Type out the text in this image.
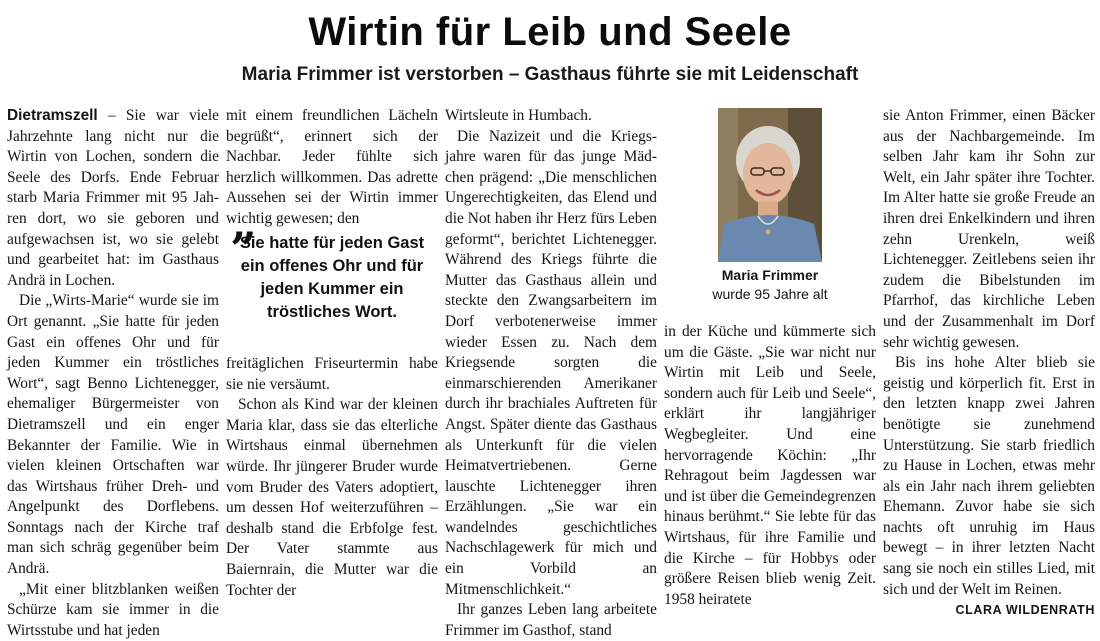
Wirtin für Leib und Seele
Maria Frimmer ist verstorben – Gasthaus führte sie mit Leidenschaft

Dietramszell – Sie war viele Jahrzehnte lang nicht nur die Wirtin von Lochen, sondern die Seele des Dorfs. Ende Februar starb Maria Frimmer mit 95 Jahren dort, wo sie geboren und aufgewachsen ist, wo sie gelebt und gearbeitet hat: im Gasthaus Andrä in Lochen.

Die „Wirts-Marie“ wurde sie im Ort genannt. „Sie hatte für jeden Gast ein offenes Ohr und für jeden Kummer ein tröstliches Wort“, sagt Benno Lichtenegger, ehemaliger Bürgermeister von Dietramszell und ein enger Bekannter der Familie. Wie in vielen kleinen Ortschaften war das Wirtshaus früher Dreh- und Angelpunkt des Dorflebens. Sonntags nach der Kirche traf man sich schräg gegenüber beim Andrä.

„Mit einer blitzblanken weißen Schürze kam sie immer in die Wirtsstube und hat jeden

mit einem freundlichen Lächeln begrüßt“, erinnert sich der Nachbar. Jeder fühlte sich herzlich willkommen. Das adrette Aussehen sei der Wirtin immer wichtig gewesen; den

”
Sie hatte für jeden Gast ein offenes Ohr und für jeden Kummer ein tröstliches Wort.

freitäglichen Friseurtermin habe sie nie versäumt.

Schon als Kind war der kleinen Maria klar, dass sie das elterliche Wirtshaus einmal übernehmen würde. Ihr jüngerer Bruder wurde vom Bruder des Vaters adoptiert, um dessen Hof weiterzuführen – deshalb stand die Erbfolge fest. Der Vater stammte aus Baiernrain, die Mutter war die Tochter der

Wirtsleute in Humbach.

Die Nazizeit und die Kriegsjahre waren für das junge Mädchen prägend: „Die menschlichen Ungerechtigkeiten, das Elend und die Not haben ihr Herz fürs Leben geformt“, berichtet Lichtenegger. Während des Kriegs führte die Mutter das Gasthaus allein und steckte den Zwangsarbeitern im Dorf verbotenerweise immer wieder Essen zu. Nach dem Kriegsende sorgten die einmarschierenden Amerikaner durch ihr brachiales Auftreten für Angst. Später diente das Gasthaus als Unterkunft für die vielen Heimatvertriebenen. Gerne lauschte Lichtenegger ihren Erzählungen. „Sie war ein wandelndes geschichtliches Nachschlagewerk für mich und ein Vorbild an Mitmenschlichkeit.“

Ihr ganzes Leben lang arbeitete Frimmer im Gasthof, stand

Maria Frimmer
wurde 95 Jahre alt

in der Küche und kümmerte sich um die Gäste. „Sie war nicht nur Wirtin mit Leib und Seele, sondern auch für Leib und Seele“, erklärt ihr langjähriger Wegbegleiter. Und eine hervorragende Köchin: „Ihr Rehragout beim Jagdessen war und ist über die Gemeindegrenzen hinaus berühmt.“ Sie lebte für das Wirtshaus, für ihre Familie und die Kirche – für Hobbys oder größere Reisen blieb wenig Zeit. 1958 heiratete

sie Anton Frimmer, einen Bäcker aus der Nachbargemeinde. Im selben Jahr kam ihr Sohn zur Welt, ein Jahr später ihre Tochter. Im Alter hatte sie große Freude an ihren drei Enkelkindern und ihren zehn Urenkeln, weiß Lichtenegger. Zeitlebens seien ihr zudem die Bibelstunden im Pfarrhof, das kirchliche Leben und der Zusammenhalt im Dorf sehr wichtig gewesen.

Bis ins hohe Alter blieb sie geistig und körperlich fit. Erst in den letzten knapp zwei Jahren benötigte sie zunehmend Unterstützung. Sie starb friedlich zu Hause in Lochen, etwas mehr als ein Jahr nach ihrem geliebten Ehemann. Zuvor habe sie sich nachts oft unruhig im Haus bewegt – in ihrer letzten Nacht sang sie noch ein stilles Lied, mit sich und der Welt im Reinen.
CLARA WILDENRATH
